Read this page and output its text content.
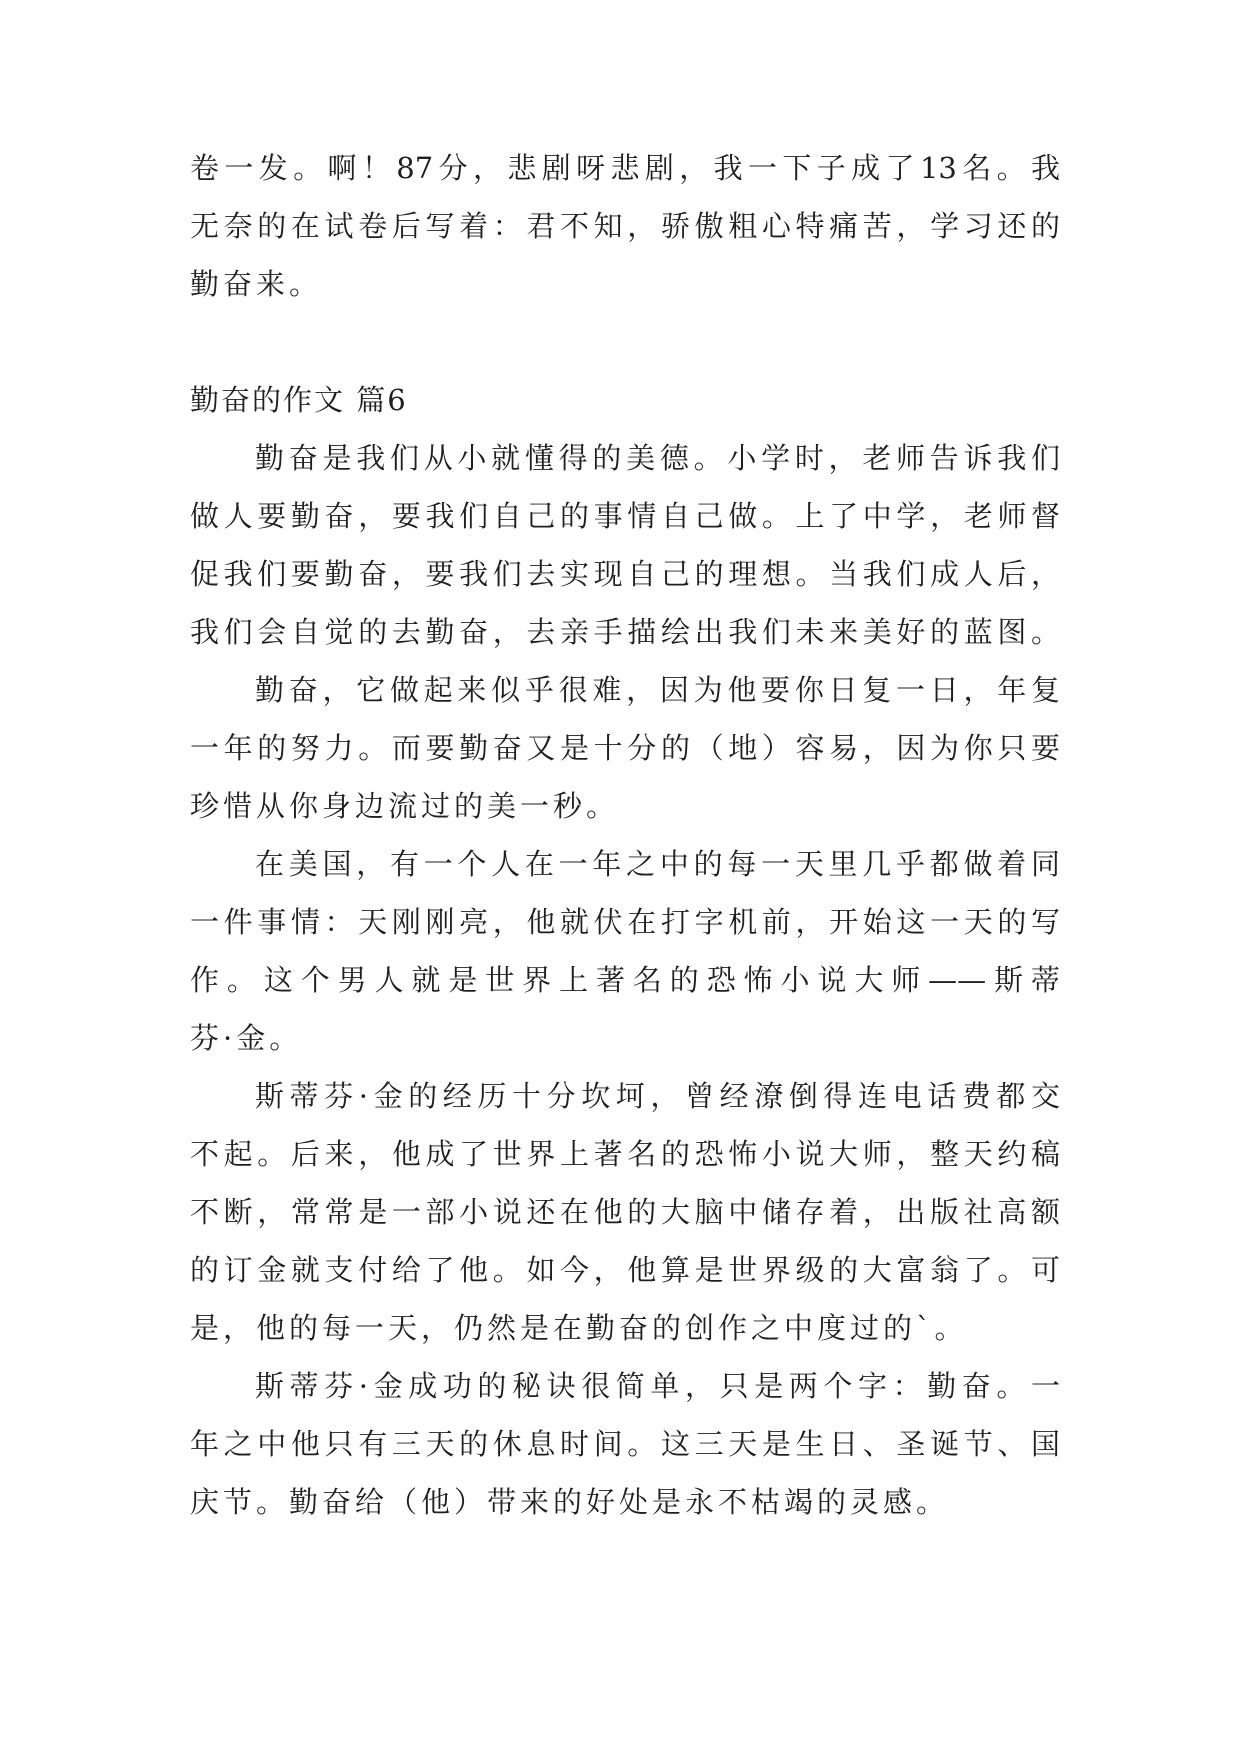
卷一发。啊！87分，悲剧呀悲剧，我一下子成了13名。我
无奈的在试卷后写着：君不知，骄傲粗心特痛苦，学习还的
勤奋来。
勤奋的作文 篇6
勤奋是我们从小就懂得的美德。小学时，老师告诉我们
做人要勤奋，要我们自己的事情自己做。上了中学，老师督
促我们要勤奋，要我们去实现自己的理想。当我们成人后，
我们会自觉的去勤奋，去亲手描绘出我们未来美好的蓝图。
勤奋，它做起来似乎很难，因为他要你日复一日，年复
一年的努力。而要勤奋又是十分的（地）容易，因为你只要
珍惜从你身边流过的美一秒。
在美国，有一个人在一年之中的每一天里几乎都做着同
一件事情：天刚刚亮，他就伏在打字机前，开始这一天的写
作。这个男人就是世界上著名的恐怖小说大师——斯蒂
芬·金。
斯蒂芬·金的经历十分坎坷，曾经潦倒得连电话费都交
不起。后来，他成了世界上著名的恐怖小说大师，整天约稿
不断，常常是一部小说还在他的大脑中储存着，出版社高额
的订金就支付给了他。如今，他算是世界级的大富翁了。可
是，他的每一天，仍然是在勤奋的创作之中度过的`。
斯蒂芬·金成功的秘诀很简单，只是两个字：勤奋。一
年之中他只有三天的休息时间。这三天是生日、圣诞节、国
庆节。勤奋给（他）带来的好处是永不枯竭的灵感。
